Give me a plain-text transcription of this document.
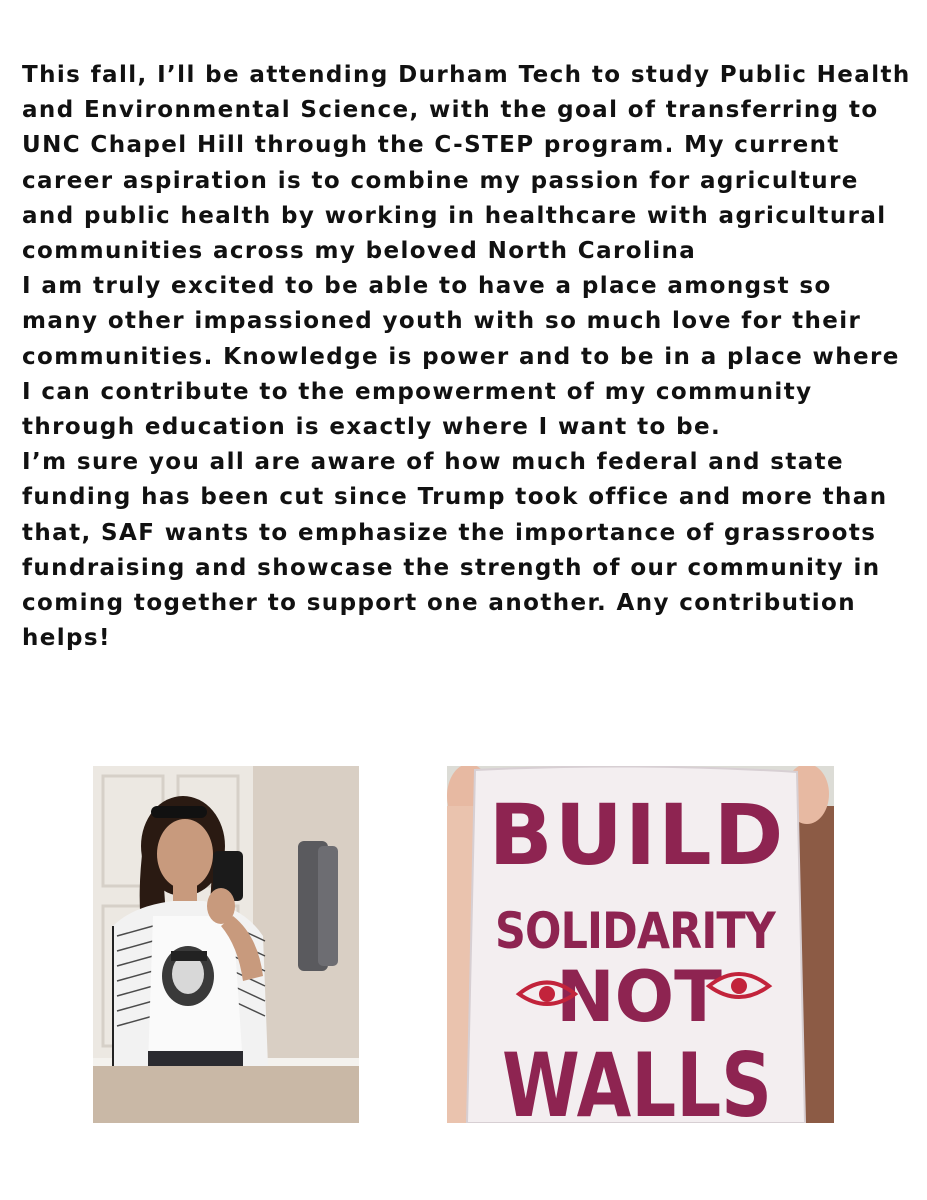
This fall, I’ll be attending Durham Tech to study Public Health and Environmental Science, with the goal of transferring to UNC Chapel Hill through the C-STEP program. My current career aspiration is to combine my passion for agriculture and public health by working in healthcare with agricultural communities across my beloved North Carolina

I am truly excited to be able to have a place amongst so many other impassioned youth with so much love for their communities. Knowledge is power and to be in a place where I can contribute to the empowerment of my community through education is exactly where I want to be.

I’m sure you all are aware of how much federal and state funding has been cut since Trump took office and more than that, SAF wants to emphasize the importance of grassroots fundraising and showcase the strength of our community in coming together to support one another. Any contribution helps!

BUILD
SOLIDARITY
NOT
WALLS
